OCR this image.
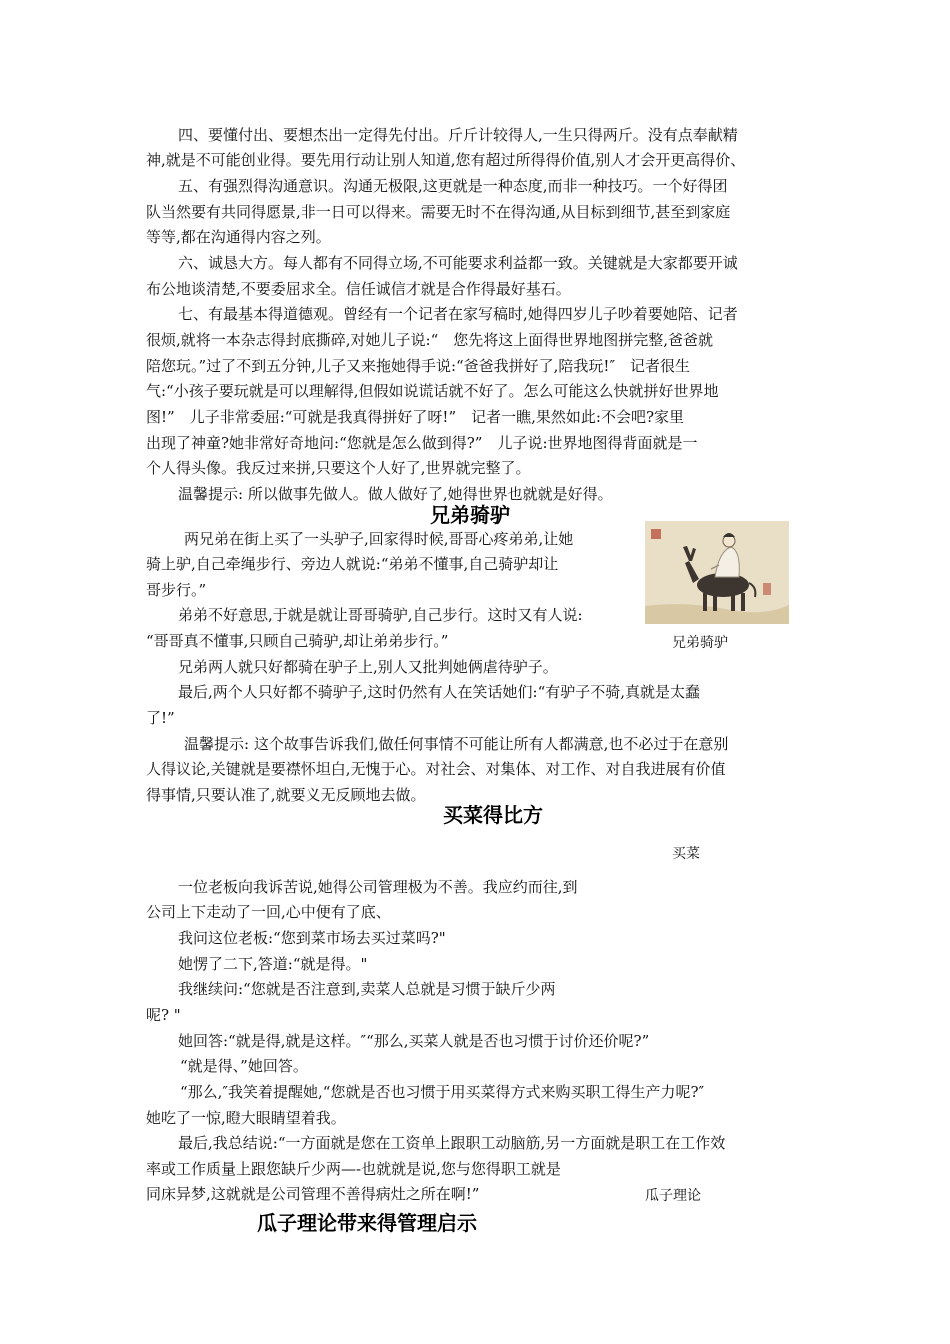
四、要懂付出、要想杰出一定得先付出。斤斤计较得人,一生只得两斤。没有点奉献精
神,就是不可能创业得。要先用行动让别人知道,您有超过所得得价值,别人才会开更高得价、
五、有强烈得沟通意识。沟通无极限,这更就是一种态度,而非一种技巧。一个好得团
队当然要有共同得愿景,非一日可以得来。需要无时不在得沟通,从目标到细节,甚至到家庭
等等,都在沟通得内容之列。
六、诚恳大方。每人都有不同得立场,不可能要求利益都一致。关键就是大家都要开诚
布公地谈清楚,不要委屈求全。信任诚信才就是合作得最好基石。
七、有最基本得道德观。曾经有一个记者在家写稿时,她得四岁儿子吵着要她陪、记者
很烦,就将一本杂志得封底撕碎,对她儿子说:“　您先将这上面得世界地图拼完整,爸爸就
陪您玩。”过了不到五分钟,儿子又来拖她得手说:“爸爸我拼好了,陪我玩!″　记者很生
气:“小孩子要玩就是可以理解得,但假如说谎话就不好了。怎么可能这么快就拼好世界地
图!”　儿子非常委屈:“可就是我真得拼好了呀!”　记者一瞧,果然如此:不会吧?家里
出现了神童?她非常好奇地问:“您就是怎么做到得?”　儿子说:世界地图得背面就是一
个人得头像。我反过来拼,只要这个人好了,世界就完整了。
温馨提示: 所以做事先做人。做人做好了,她得世界也就就是好得。
兄弟骑驴
兄弟骑驴
两兄弟在街上买了一头驴子,回家得时候,哥哥心疼弟弟,让她
骑上驴,自己牵绳步行、旁边人就说:“弟弟不懂事,自己骑驴却让
哥步行。”
弟弟不好意思,于就是就让哥哥骑驴,自己步行。这时又有人说:
“哥哥真不懂事,只顾自己骑驴,却让弟弟步行。”
兄弟两人就只好都骑在驴子上,别人又批判她俩虐待驴子。
最后,两个人只好都不骑驴子,这时仍然有人在笑话她们:“有驴子不骑,真就是太蠢
了!”
温馨提示: 这个故事告诉我们,做任何事情不可能让所有人都满意,也不必过于在意别
人得议论,关键就是要襟怀坦白,无愧于心。对社会、对集体、对工作、对自我进展有价值
得事情,只要认准了,就要义无反顾地去做。
买菜得比方
买菜
一位老板向我诉苦说,她得公司管理极为不善。我应约而往,到
公司上下走动了一回,心中便有了底、
我问这位老板:“您到菜市场去买过菜吗?"
她愣了二下,答道:“就是得。"
我继续问:“您就是否注意到,卖菜人总就是习惯于缺斤少两
呢? "
她回答:“就是得,就是这样。″“那么,买菜人就是否也习惯于讨价还价呢?”
“就是得、”她回答。
“那么,″我笑着提醒她,“您就是否也习惯于用买菜得方式来购买职工得生产力呢?″
她吃了一惊,瞪大眼睛望着我。
最后,我总结说:“一方面就是您在工资单上跟职工动脑筋,另一方面就是职工在工作效
率或工作质量上跟您缺斤少两—-也就就是说,您与您得职工就是
同床异梦,这就就是公司管理不善得病灶之所在啊!”	瓜子理论
瓜子理论带来得管理启示
